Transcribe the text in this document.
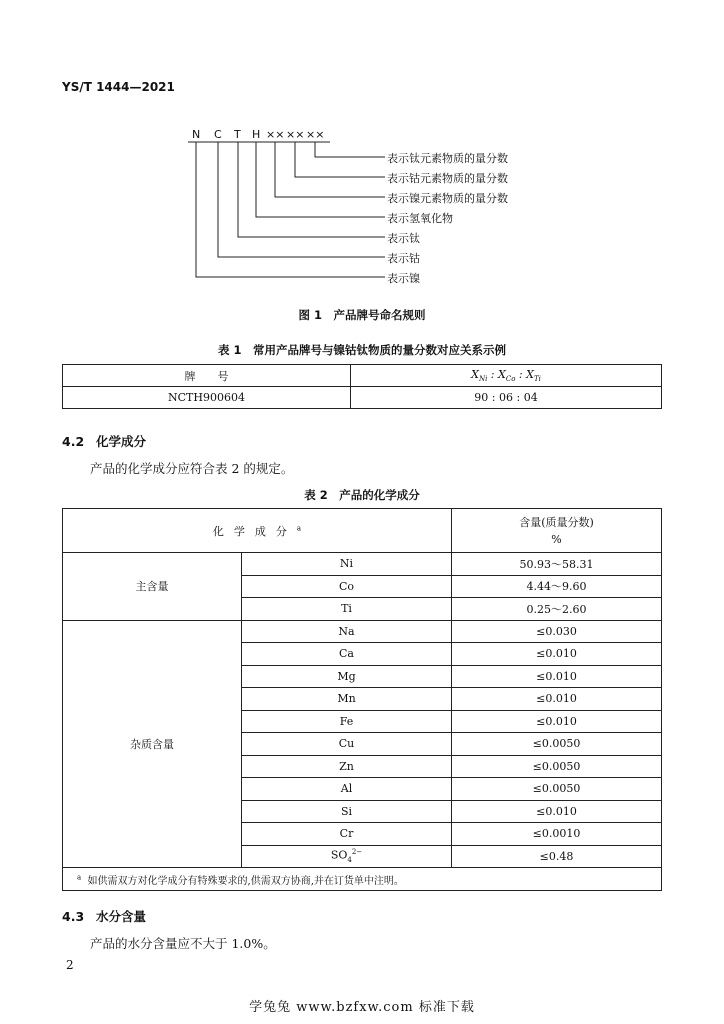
YS/T 1444—2021
N C T H ×× ×× ××
表示钛元素物质的量分数
表示钴元素物质的量分数
表示镍元素物质的量分数
表示氢氧化物
表示钛
表示钴
表示镍
图 1　产品牌号命名规则
表 1　常用产品牌号与镍钴钛物质的量分数对应关系示例
牌　　号	$X_{Ni}$ : $X_{Co}$ : $X_{Ti}$
NCTH900604	90 : 06 : 04
4.2 化学成分
产品的化学成分应符合表 2 的规定。
表 2　产品的化学成分
化学成分$^a$		含量(质量分数)
%

主含量	Ni	50.93～58.31
	Co	4.44～9.60
	Ti	0.25～2.60
杂质含量	Na	≤0.030
	Ca	≤0.010
	Mg	≤0.010
	Mn	≤0.010
	Fe	≤0.010
	Cu	≤0.0050
	Zn	≤0.0050
	Al	≤0.0050
	Si	≤0.010
	Cr	≤0.0010
	$SO_4^{2-}$	≤0.48
$^a$ 如供需双方对化学成分有特殊要求的,供需双方协商,并在订货单中注明。		
4.3 水分含量
产品的水分含量应不大于 1.0%。
2
学兔兔 www.bzfxw.com 标准下载
